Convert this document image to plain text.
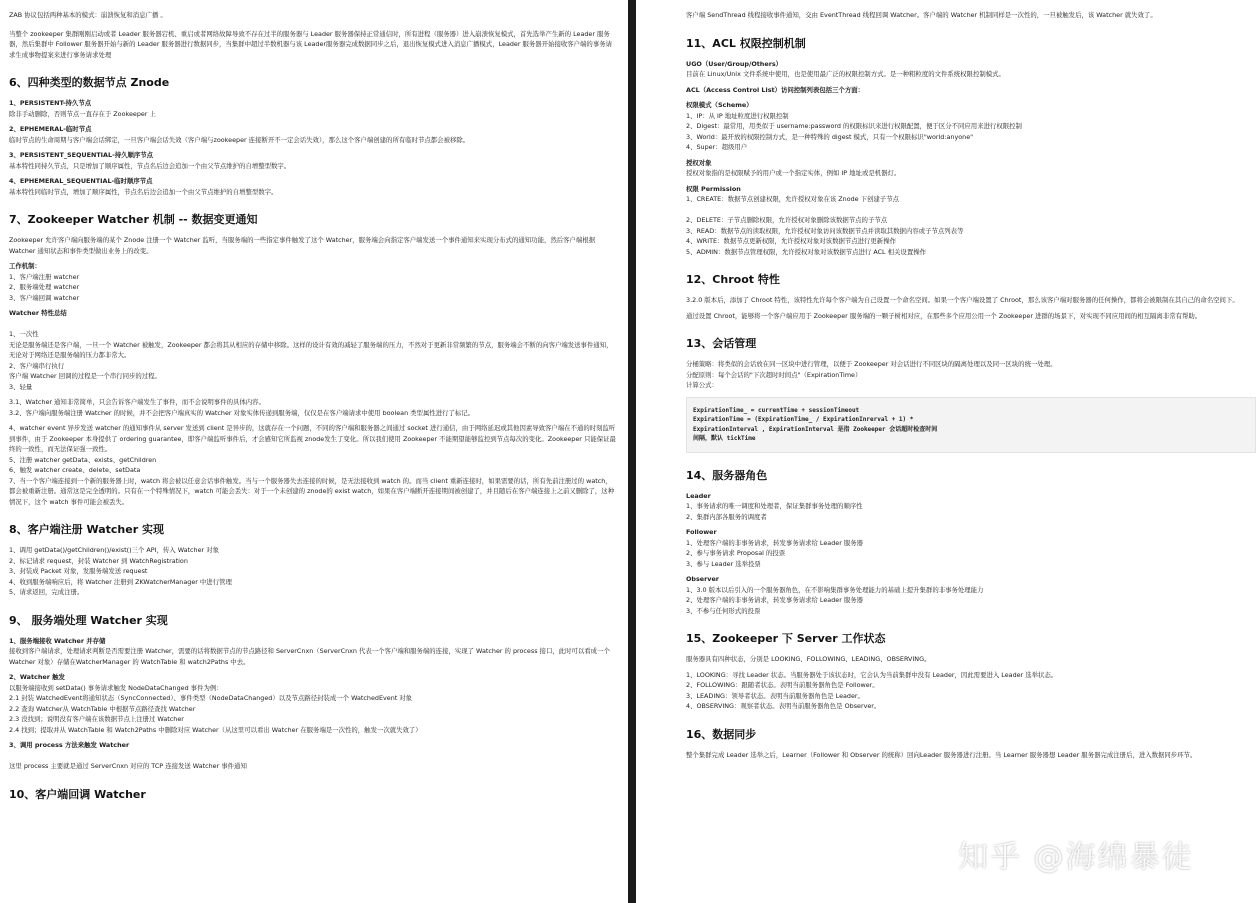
ZAB 协议包括两种基本的模式：崩溃恢复和消息广播 。

当整个 zookeeper 集群刚刚启动或者 Leader 服务器宕机、重启或者网络故障导致不存在过半的服务器与 Leader 服务器保持正常通信时，所有进程（服务器）进入崩溃恢复模式，首先选举产生新的 Leader 服务器，然后集群中 Follower 服务器开始与新的 Leader 服务器进行数据同步，当集群中超过半数机器与该 Leader服务器完成数据同步之后，退出恢复模式进入消息广播模式，Leader 服务器开始接收客户端的事务请求生成事物提案来进行事务请求处理

6、四种类型的数据节点 Znode
1、PERSISTENT-持久节点
除非手动删除，否则节点一直存在于 Zookeeper 上
2、EPHEMERAL-临时节点
临时节点的生命周期与客户端会话绑定，一旦客户端会话失效（客户端与zookeeper 连接断开不一定会话失效），那么这个客户端创建的所有临时节点都会被移除。
3、PERSISTENT_SEQUENTIAL-持久顺序节点
基本特性同持久节点，只是增加了顺序属性，节点名后边会追加一个由父节点维护的自增整型数字。
4、EPHEMERAL_SEQUENTIAL-临时顺序节点
基本特性同临时节点，增加了顺序属性，节点名后边会追加一个由父节点维护的自增整型数字。
7、Zookeeper Watcher 机制 -- 数据变更通知
Zookeeper 允许客户端向服务端的某个 Znode 注册一个 Watcher 监听，当服务端的一些指定事件触发了这个 Watcher，服务端会向指定客户端发送一个事件通知来实现分布式的通知功能，然后客户端根据 Watcher 通知状态和事件类型做出业务上的改变。
工作机制：
1、客户端注册 watcher
2、服务端处理 watcher
3、客户端回调 watcher
Watcher 特性总结

1、一次性
无论是服务端还是客户端，一旦一个 Watcher 被触发，Zookeeper 都会将其从相应的存储中移除。这样的设计有效的减轻了服务端的压力，不然对于更新非常频繁的节点，服务端会不断的向客户端发送事件通知，无论对于网络还是服务端的压力都非常大。
2、客户端串行执行
客户端 Watcher 回调的过程是一个串行同步的过程。
3、轻量
3.1、Watcher 通知非常简单，只会告诉客户端发生了事件，而不会说明事件的具体内容。
3.2、客户端向服务端注册 Watcher 的时候，并不会把客户端真实的 Watcher 对象实体传递到服务端，仅仅是在客户端请求中使用 boolean 类型属性进行了标记。
4、watcher event 异步发送 watcher 的通知事件从 server 发送到 client 是异步的，这就存在一个问题，不同的客户端和服务器之间通过 socket 进行通信，由于网络延迟或其他因素导致客户端在不通的时刻监听到事件，由于 Zookeeper 本身提供了 ordering guarantee，即客户端监听事件后，才会感知它所监视 znode发生了变化。所以我们使用 Zookeeper 不能期望能够监控到节点每次的变化。Zookeeper 只能保证最终的一致性，而无法保证强一致性。
5、注册 watcher getData、exists、getChildren
6、触发 watcher create、delete、setData
7、当一个客户端连接到一个新的服务器上时，watch 将会被以任意会话事件触发。当与一个服务器失去连接的时候，是无法接收到 watch 的。而当 client 重新连接时，如果需要的话，所有先前注册过的 watch，都会被重新注册。通常这是完全透明的。只有在一个特殊情况下，watch 可能会丢失：对于一个未创建的 znode的 exist watch，如果在客户端断开连接期间被创建了，并且随后在客户端连接上之前又删除了，这种情况下，这个 watch 事件可能会被丢失。
8、客户端注册 Watcher 实现
1、调用 getData()/getChildren()/exist()三个 API，传入 Watcher 对象
2、标记请求 request，封装 Watcher 到 WatchRegistration
3、封装成 Packet 对象，发服务端发送 request
4、收到服务端响应后，将 Watcher 注册到 ZKWatcherManager 中进行管理
5、请求返回，完成注册。
9、 服务端处理 Watcher 实现
1、服务端接收 Watcher 并存储
接收到客户端请求，处理请求判断是否需要注册 Watcher，需要的话将数据节点的节点路径和 ServerCnxn（ServerCnxn 代表一个客户端和服务端的连接，实现了 Watcher 的 process 接口，此时可以看成一个 Watcher 对象）存储在WatcherManager 的 WatchTable 和 watch2Paths 中去。
2、Watcher 触发
以服务端接收到 setData() 事务请求触发 NodeDataChanged 事件为例：
2.1 封装 WatchedEvent将通知状态（SyncConnected）、事件类型（NodeDataChanged）以及节点路径封装成一个 WatchedEvent 对象
2.2 查询 Watcher从 WatchTable 中根据节点路径查找 Watcher
2.3 没找到；说明没有客户端在该数据节点上注册过 Watcher
2.4 找到；提取并从 WatchTable 和 Watch2Paths 中删除对应 Watcher（从这里可以看出 Watcher 在服务端是一次性的，触发一次就失效了）
3、调用 process 方法来触发 Watcher

这里 process 主要就是通过 ServerCnxn 对应的 TCP 连接发送 Watcher 事件通知
10、客户端回调 Watcher

客户端 SendThread 线程接收事件通知，交由 EventThread 线程回调 Watcher。客户端的 Watcher 机制同样是一次性的，一旦被触发后，该 Watcher 就失效了。

11、ACL 权限控制机制
UGO（User/Group/Others）
目前在 Linux/Unix 文件系统中使用，也是使用最广泛的权限控制方式。是一种粗粒度的文件系统权限控制模式。
ACL（Access Control List）访问控制列表包括三个方面：
权限模式（Scheme）
1、IP：从 IP 地址粒度进行权限控制
2、Digest：最常用，用类似于 username:password 的权限标识来进行权限配置，便于区分不同应用来进行权限控制
3、World：最开放的权限控制方式，是一种特殊的 digest 模式，只有一个权限标识"world:anyone"
4、Super：超级用户
授权对象
授权对象指的是权限赋予的用户或一个指定实体，例如 IP 地址或是机器灯。
权限 Permission
1、CREATE：数据节点创建权限，允许授权对象在该 Znode 下创建子节点

2、DELETE：子节点删除权限，允许授权对象删除该数据节点的子节点
3、READ：数据节点的读取权限，允许授权对象访问该数据节点并读取其数据内容或子节点列表等
4、WRITE：数据节点更新权限，允许授权对象对该数据节点进行更新操作
5、ADMIN：数据节点管理权限，允许授权对象对该数据节点进行 ACL 相关设置操作
12、Chroot 特性
3.2.0 版本后，添加了 Chroot 特性，该特性允许每个客户端为自己设置一个命名空间。如果一个客户端设置了 Chroot，那么该客户端对服务器的任何操作，都将会被限制在其自己的命名空间下。
通过设置 Chroot，能够将一个客户端应用于 Zookeeper 服务端的一颗子树相对应，在那些多个应用公用一个 Zookeeper 进群的场景下，对实现不同应用间的相互隔离非常有帮助。
13、会话管理
分桶策略：将类似的会话放在同一区块中进行管理，以便于 Zookeeper 对会话进行不同区块的隔离处理以及同一区块的统一处理。
分配原则：每个会话的"下次超时时间点"（ExpirationTime）
计算公式：
ExpirationTime_ = currentTime + sessionTimeout
ExpirationTime = (ExpirationTime_ / ExpirationInrerval + 1) *
ExpirationInterval , ExpirationInterval 是指 Zookeeper 会话超时检查时间
间隔，默认 tickTime
14、服务器角色
Leader
1、事务请求的唯一调度和处理者，保证集群事务处理的顺序性
2、集群内部各服务的调度者
Follower
1、处理客户端的非事务请求，转发事务请求给 Leader 服务器
2、参与事务请求 Proposal 的投票
3、参与 Leader 选举投票
Observer
1、3.0 版本以后引入的一个服务器角色，在不影响集群事务处理能力的基础上提升集群的非事务处理能力
2、处理客户端的非事务请求，转发事务请求给 Leader 服务器
3、不参与任何形式的投票
15、Zookeeper 下 Server 工作状态
服务器具有四种状态，分别是 LOOKING、FOLLOWING、LEADING、OBSERVING。
1、LOOKING：寻找 Leader 状态。当服务器处于该状态时，它会认为当前集群中没有 Leader，因此需要进入 Leader 选举状态。
2、FOLLOWING：跟随者状态。表明当前服务器角色是 Follower。
3、LEADING：领导者状态。表明当前服务器角色是 Leader。
4、OBSERVING：观察者状态。表明当前服务器角色是 Observer。
16、数据同步
整个集群完成 Leader 选举之后，Learner（Follower 和 Observer 的统称）回向Leader 服务器进行注册。当 Learner 服务器想 Leader 服务器完成注册后，进入数据同步环节。
知乎 @海绵暴徒
